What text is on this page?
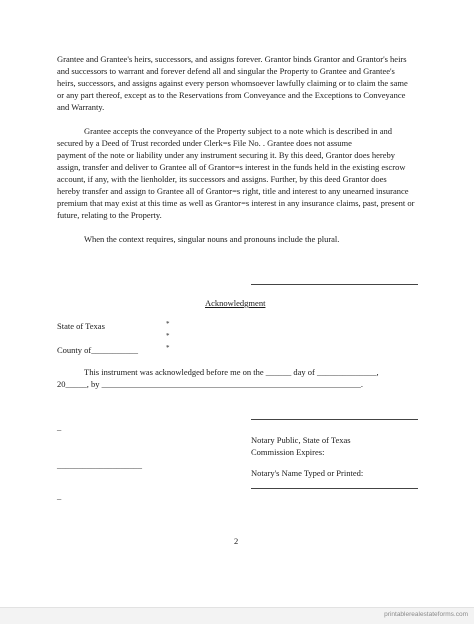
Grantee and Grantee's heirs, successors, and assigns forever. Grantor binds Grantor and Grantor's heirs
and successors to warrant and forever defend all and singular the Property to Grantee and Grantee's
heirs, successors, and assigns against every person whomsoever lawfully claiming or to claim the same
or any part thereof, except as to the Reservations from Conveyance and the Exceptions to Conveyance
and Warranty.
Grantee accepts the conveyance of the Property subject to a note which is described in and
secured by a Deed of Trust recorded under Clerk=s File No. . Grantee does not assume
payment of the note or liability under any instrument securing it. By this deed, Grantor does hereby
assign, transfer and deliver to Grantee all of Grantor=s interest in the funds held in the existing escrow
account, if any, with the lienholder, its successors and assigns. Further, by this deed Grantor does
hereby transfer and assign to Grantee all of Grantor=s right, title and interest to any unearned insurance
premium that may exist at this time as well as Grantor=s interest in any insurance claims, past, present or
future, relating to the Property.
When the context requires, singular nouns and pronouns include the plural.
Acknowledgment
State of Texas
County of___________
*
*
*
This instrument was acknowledged before me on the ______ day of ______________,
20_____, by _____________________________________________________________.
_
____________________
_
Notary Public, State of Texas
Commission Expires:
Notary's Name Typed or Printed:
2
printablerealestateforms.com
